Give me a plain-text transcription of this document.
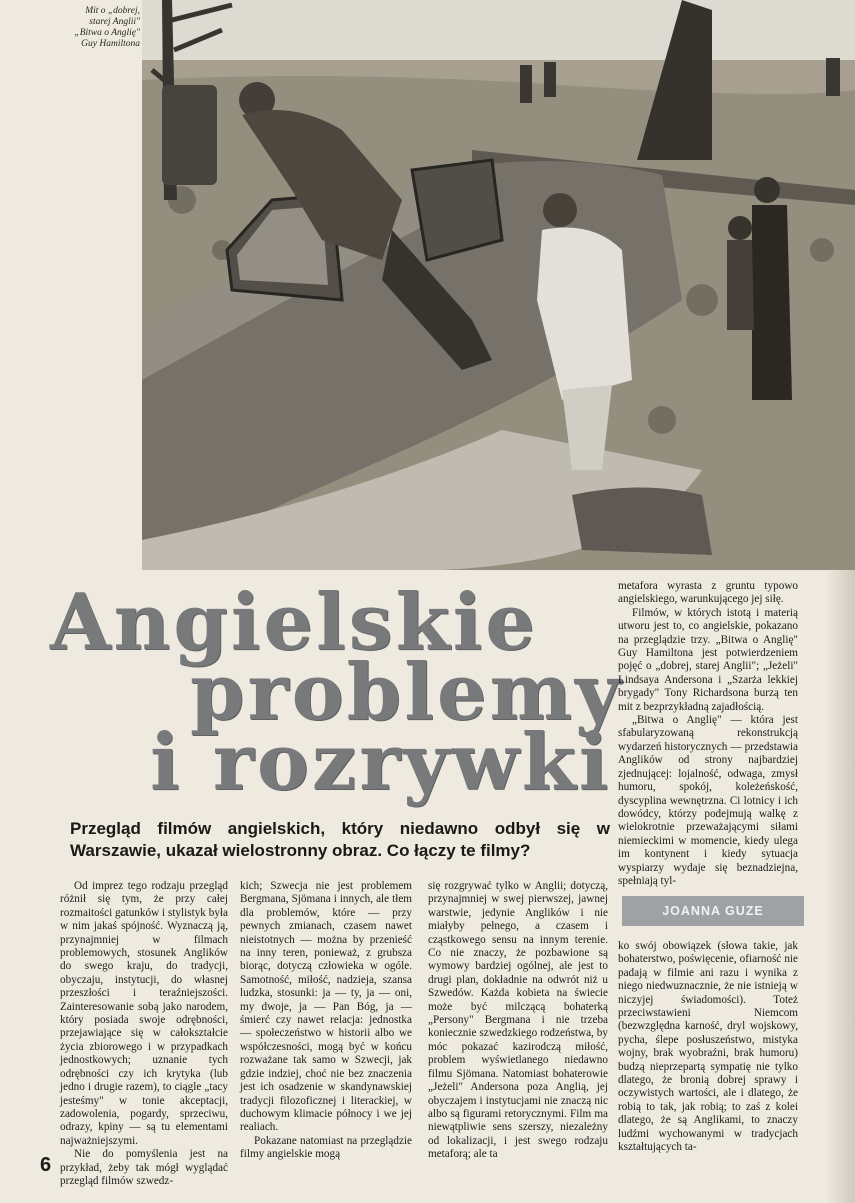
Mit o „dobrej,
starej Anglii"
„Bitwa o Anglię"
Guy Hamiltona
Angielskie
problemy
i rozrywki
Przegląd filmów angielskich, który niedawno odbył się w Warszawie, ukazał wielostronny obraz. Co łączy te filmy?

Od imprez tego rodzaju przegląd różnił się tym, że przy całej rozmaitości gatunków i stylistyk była w nim jakaś spójność. Wyznaczą ją, przynajmniej w filmach problemowych, stosunek Anglików do swego kraju, do tradycji, obyczaju, instytucji, do własnej przeszłości i teraźniejszości. Zainteresowanie sobą jako narodem, który posiada swoje odrębności, przejawiające się w całokształcie życia zbiorowego i w przypadkach jednostkowych; uznanie tych odrębności czy ich krytyka (lub jedno i drugie razem), to ciągle „tacy jesteśmy" w tonie akceptacji, zadowolenia, pogardy, sprzeciwu, odrazy, kpiny — są tu elementami najważniejszymi.

Nie do pomyślenia jest na przykład, żeby tak mógł wyglądać przegląd filmów szwedz-

kich; Szwecja nie jest problemem Bergmana, Sjömana i innych, ale tłem dla problemów, które — przy pewnych zmianach, czasem nawet nieistotnych — można by przenieść na inny teren, ponieważ, z grubsza biorąc, dotyczą człowieka w ogóle. Samotność, miłość, nadzieja, szansa ludzka, stosunki: ja — ty, ja — oni, my dwoje, ja — Pan Bóg, ja — śmierć czy nawet relacja: jednostka — społeczeństwo w historii albo we współczesności, mogą być w końcu rozważane tak samo w Szwecji, jak gdzie indziej, choć nie bez znaczenia jest ich osadzenie w skandynawskiej tradycji filozoficznej i literackiej, w duchowym klimacie północy i we jej realiach.

Pokazane natomiast na przeglądzie filmy angielskie mogą

się rozgrywać tylko w Anglii; dotyczą, przynajmniej w swej pierwszej, jawnej warstwie, jedynie Anglików i nie miałyby pełnego, a czasem i cząstkowego sensu na innym terenie. Co nie znaczy, że pozbawione są wymowy bardziej ogólnej, ale jest to drugi plan, dokładnie na odwrót niż u Szwedów. Każda kobieta na świecie może być milczącą bohaterką „Persony" Bergmana i nie trzeba koniecznie szwedzkiego rodzeństwa, by móc pokazać kazirodczą miłość, problem wyświetlanego niedawno filmu Sjömana. Natomiast bohaterowie „Jeżeli" Andersona poza Anglią, jej obyczajem i instytucjami nie znaczą nic albo są figurami retorycznymi. Film ma niewątpliwie sens szerszy, niezależny od lokalizacji, i jest swego rodzaju metaforą; ale ta

metafora wyrasta z gruntu typowo angielskiego, warunkującego jej siłę.

Filmów, w których istotą i materią utworu jest to, co angielskie, pokazano na przeglądzie trzy. „Bitwa o Anglię" Guy Hamiltona jest potwierdzeniem pojęć o „dobrej, starej Anglii"; „Jeżeli" Lindsaya Andersona i „Szarża lekkiej brygady" Tony Richardsona burzą ten mit z bezprzykładną zajadłością.

„Bitwa o Anglię" — która jest sfabularyzowaną rekonstrukcją wydarzeń historycznych — przedstawia Anglików od strony najbardziej zjednującej: lojalność, odwaga, zmysł humoru, spokój, koleżeńskość, dyscyplina wewnętrzna. Ci lotnicy i ich dowódcy, którzy podejmują walkę z wielokrotnie przeważającymi siłami niemieckimi w momencie, kiedy ulega im kontynent i kiedy sytuacja wyspiarzy wydaje się beznadziejna, spełniają tyl-

JOANNA GUZE

ko swój obowiązek (słowa takie, jak bohaterstwo, poświęcenie, ofiarność nie padają w filmie ani razu i wynika z niego niedwuznacznie, że nie istnieją w niczyjej świadomości). Toteż przeciwstawieni Niemcom (bezwzględna karność, dryl wojskowy, pycha, ślepe posłuszeństwo, mistyka wojny, brak wyobraźni, brak humoru) budzą nieprzepartą sympatię nie tylko dlatego, że bronią dobrej sprawy i oczywistych wartości, ale i dlatego, że robią to tak, jak robią; to zaś z kolei dlatego, że są Anglikami, to znaczy ludźmi wychowanymi w tradycjach kształtujących ta-

6
